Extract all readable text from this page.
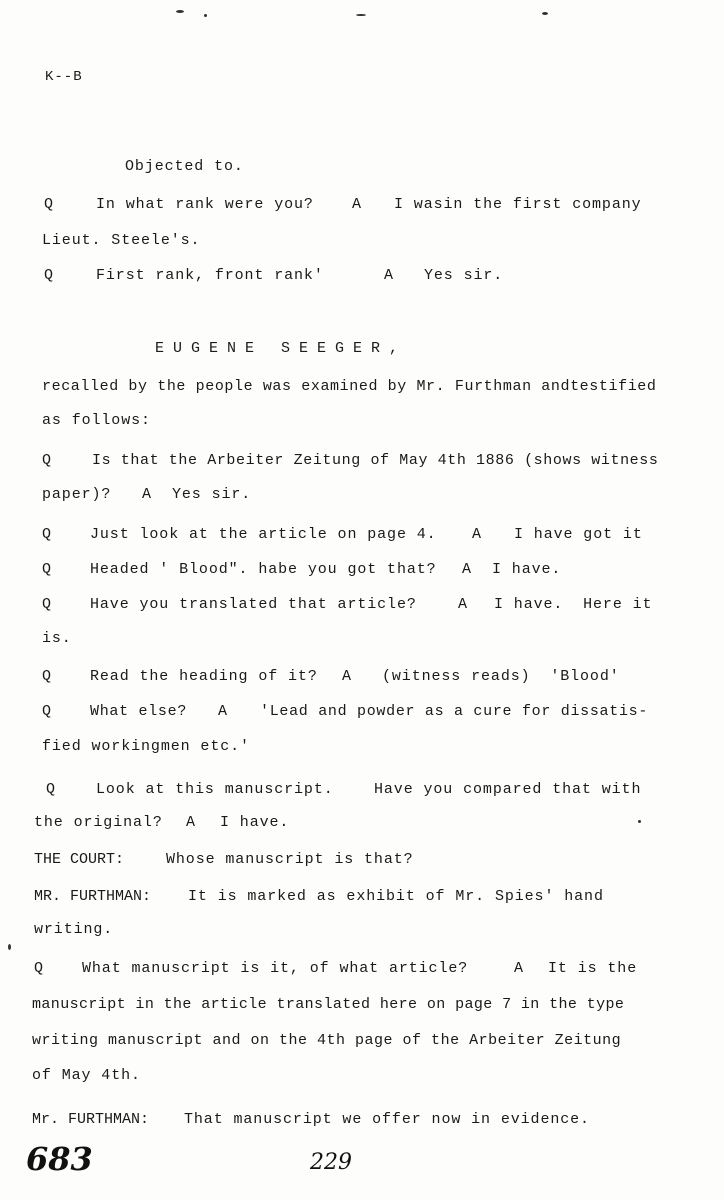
K--B
Objected to.

Q

	In what rank were you?

	A

I wasin the first company

Lieut. Steele's.

Q

	First rank, front rank'

	A

Yes sir.

EUGENE SEEGER,
recalled by the people was examined by Mr. Furthman andtestified
as follows:

Q

	Is that the Arbeiter Zeitung of May 4th 1886 (shows witness

paper)?

A

Yes sir.

Q

	Just look at the article on page 4.

A

I have got it

Q

	Headed ' Blood". habe you got that?

A

I have.

Q

	Have you translated that article?

	A

I have.  Here it

is.

Q

	Read the heading of it?

A

(witness reads)  'Blood'

Q

	What else?

A

'Lead and powder as a cure for dissatis-

fied workingmen etc.'

Q

	Look at this manuscript.

	Have you compared that with

the original?

A

I have.

THE COURT:

	Whose manuscript is that?

MR. FURTHMAN:

It is marked as exhibit of Mr. Spies' hand

writing.

Q

	What manuscript is it, of what article?

	A

It is the

manuscript in the article translated here on page 7 in the type
writing manuscript and on the 4th page of the Arbeiter Zeitung
of May 4th.

Mr. FURTHMAN:

That manuscript we offer now in evidence.

683	229
